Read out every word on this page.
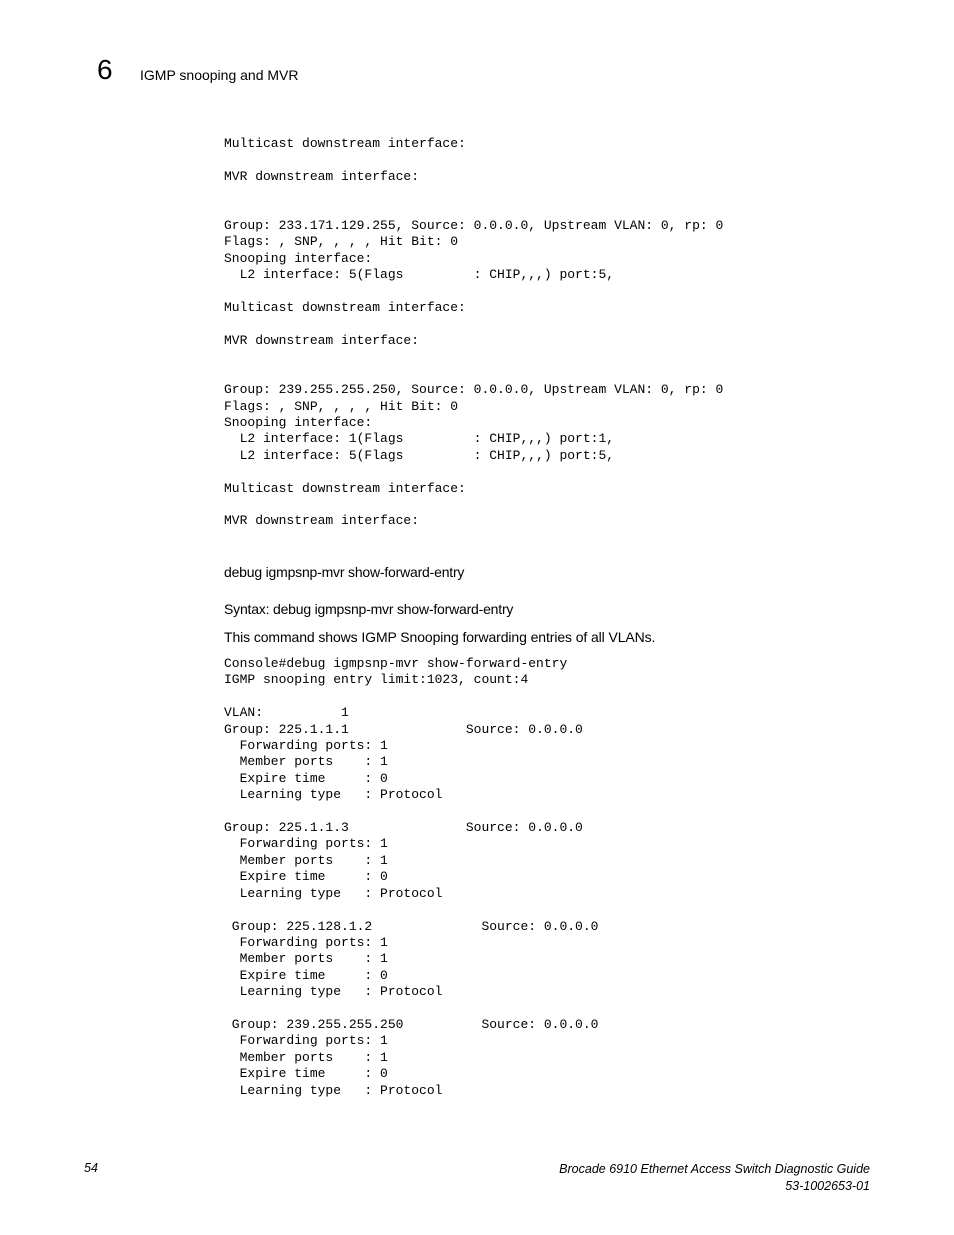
6 IGMP snooping and MVR
Multicast downstream interface:

MVR downstream interface:

Group: 233.171.129.255, Source: 0.0.0.0, Upstream VLAN: 0, rp: 0
Flags: , SNP, , , , Hit Bit: 0
Snooping interface:
L2 interface: 5(Flags         : CHIP,,,) port:5,

Multicast downstream interface:

MVR downstream interface:

Group: 239.255.255.250, Source: 0.0.0.0, Upstream VLAN: 0, rp: 0
Flags: , SNP, , , , Hit Bit: 0
Snooping interface:
L2 interface: 1(Flags         : CHIP,,,) port:1,
L2 interface: 5(Flags         : CHIP,,,) port:5,

Multicast downstream interface:

MVR downstream interface:
debug igmpsnp-mvr show-forward-entry
Syntax: debug igmpsnp-mvr show-forward-entry
This command shows IGMP Snooping forwarding entries of all VLANs.
Console#debug igmpsnp-mvr show-forward-entry
IGMP snooping entry limit:1023, count:4

VLAN:          1
Group: 225.1.1.1               Source: 0.0.0.0
Forwarding ports: 1
Member ports    : 1
Expire time     : 0
Learning type   : Protocol

Group: 225.1.1.3               Source: 0.0.0.0
Forwarding ports: 1
Member ports    : 1
Expire time     : 0
Learning type   : Protocol

Group: 225.128.1.2              Source: 0.0.0.0
Forwarding ports: 1
Member ports    : 1
Expire time     : 0
Learning type   : Protocol

Group: 239.255.255.250          Source: 0.0.0.0
Forwarding ports: 1
Member ports    : 1
Expire time     : 0
Learning type   : Protocol
54	Brocade 6910 Ethernet Access Switch Diagnostic Guide
53-1002653-01
